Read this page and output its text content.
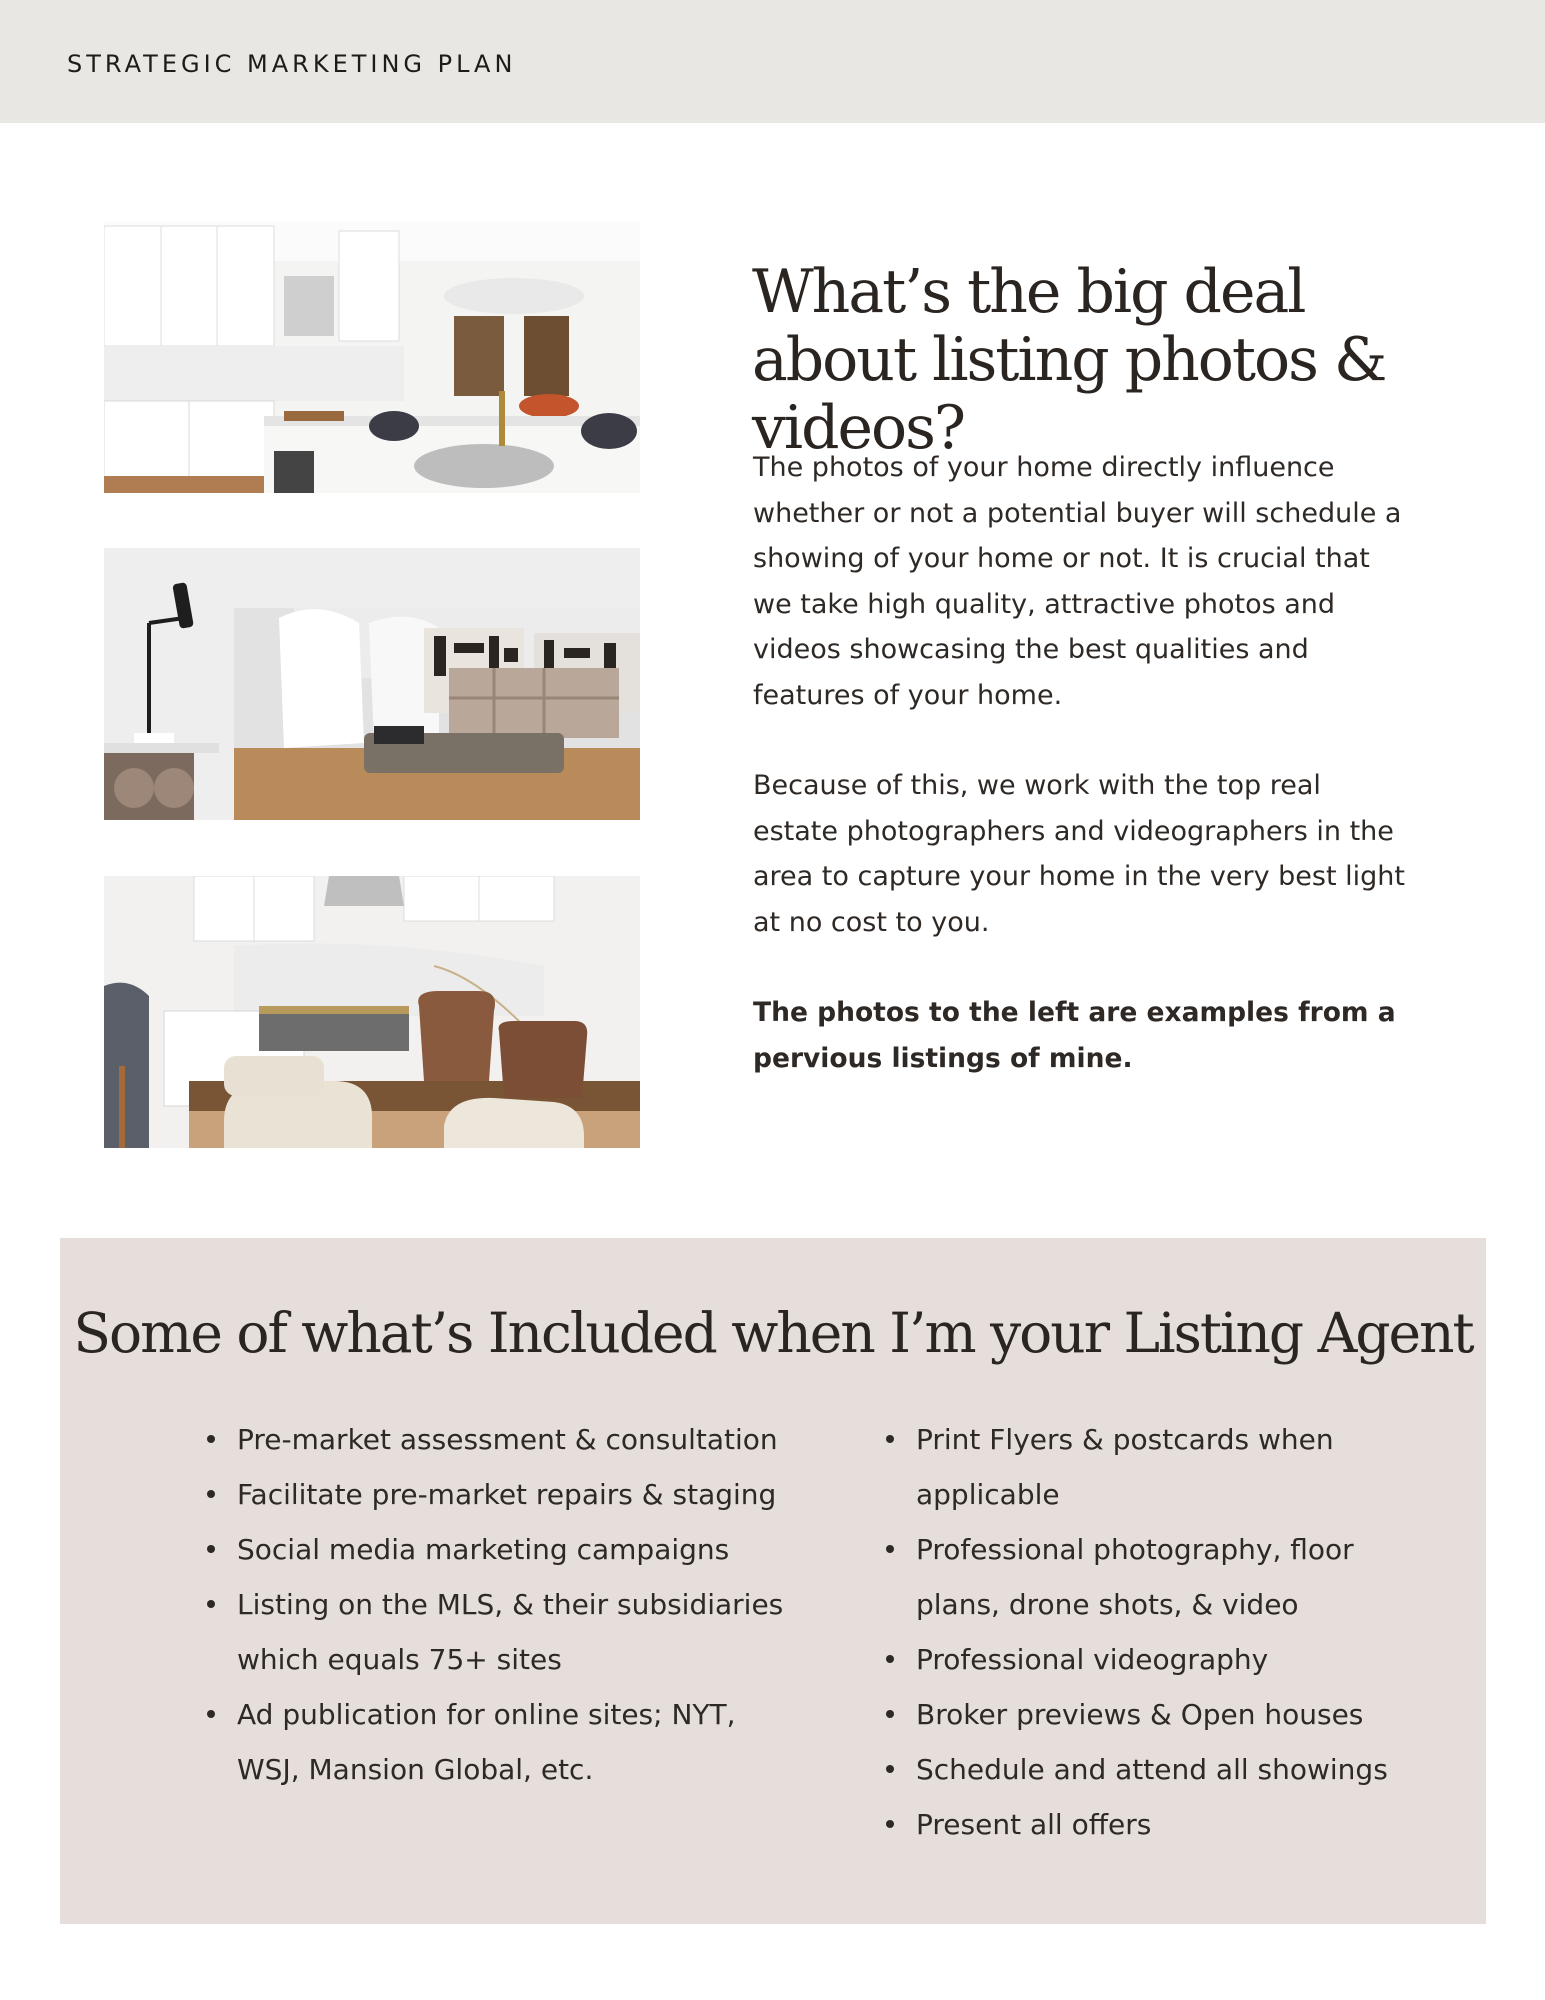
STRATEGIC MARKETING PLAN
What’s the big deal about listing photos & videos?

The photos of your home directly influence whether or not a potential buyer will schedule a showing of your home or not. It is crucial that we take high quality, attractive photos and videos showcasing the best qualities and features of your home.

Because of this, we work with the top real estate photographers and videographers in the area to capture your home in the very best light at no cost to you.

The photos to the left are examples from a pervious listings of mine.

Some of what’s Included when I’m your Listing Agent
Pre-market assessment & consultation
Facilitate pre-market repairs & staging
Social media marketing campaigns
Listing on the MLS, & their subsidiaries which equals 75+ sites
Ad publication for online sites; NYT, WSJ, Mansion Global, etc.
Print Flyers & postcards when applicable
Professional photography, floor plans, drone shots, & video
Professional videography
Broker previews & Open houses
Schedule and attend all showings
Present all offers
